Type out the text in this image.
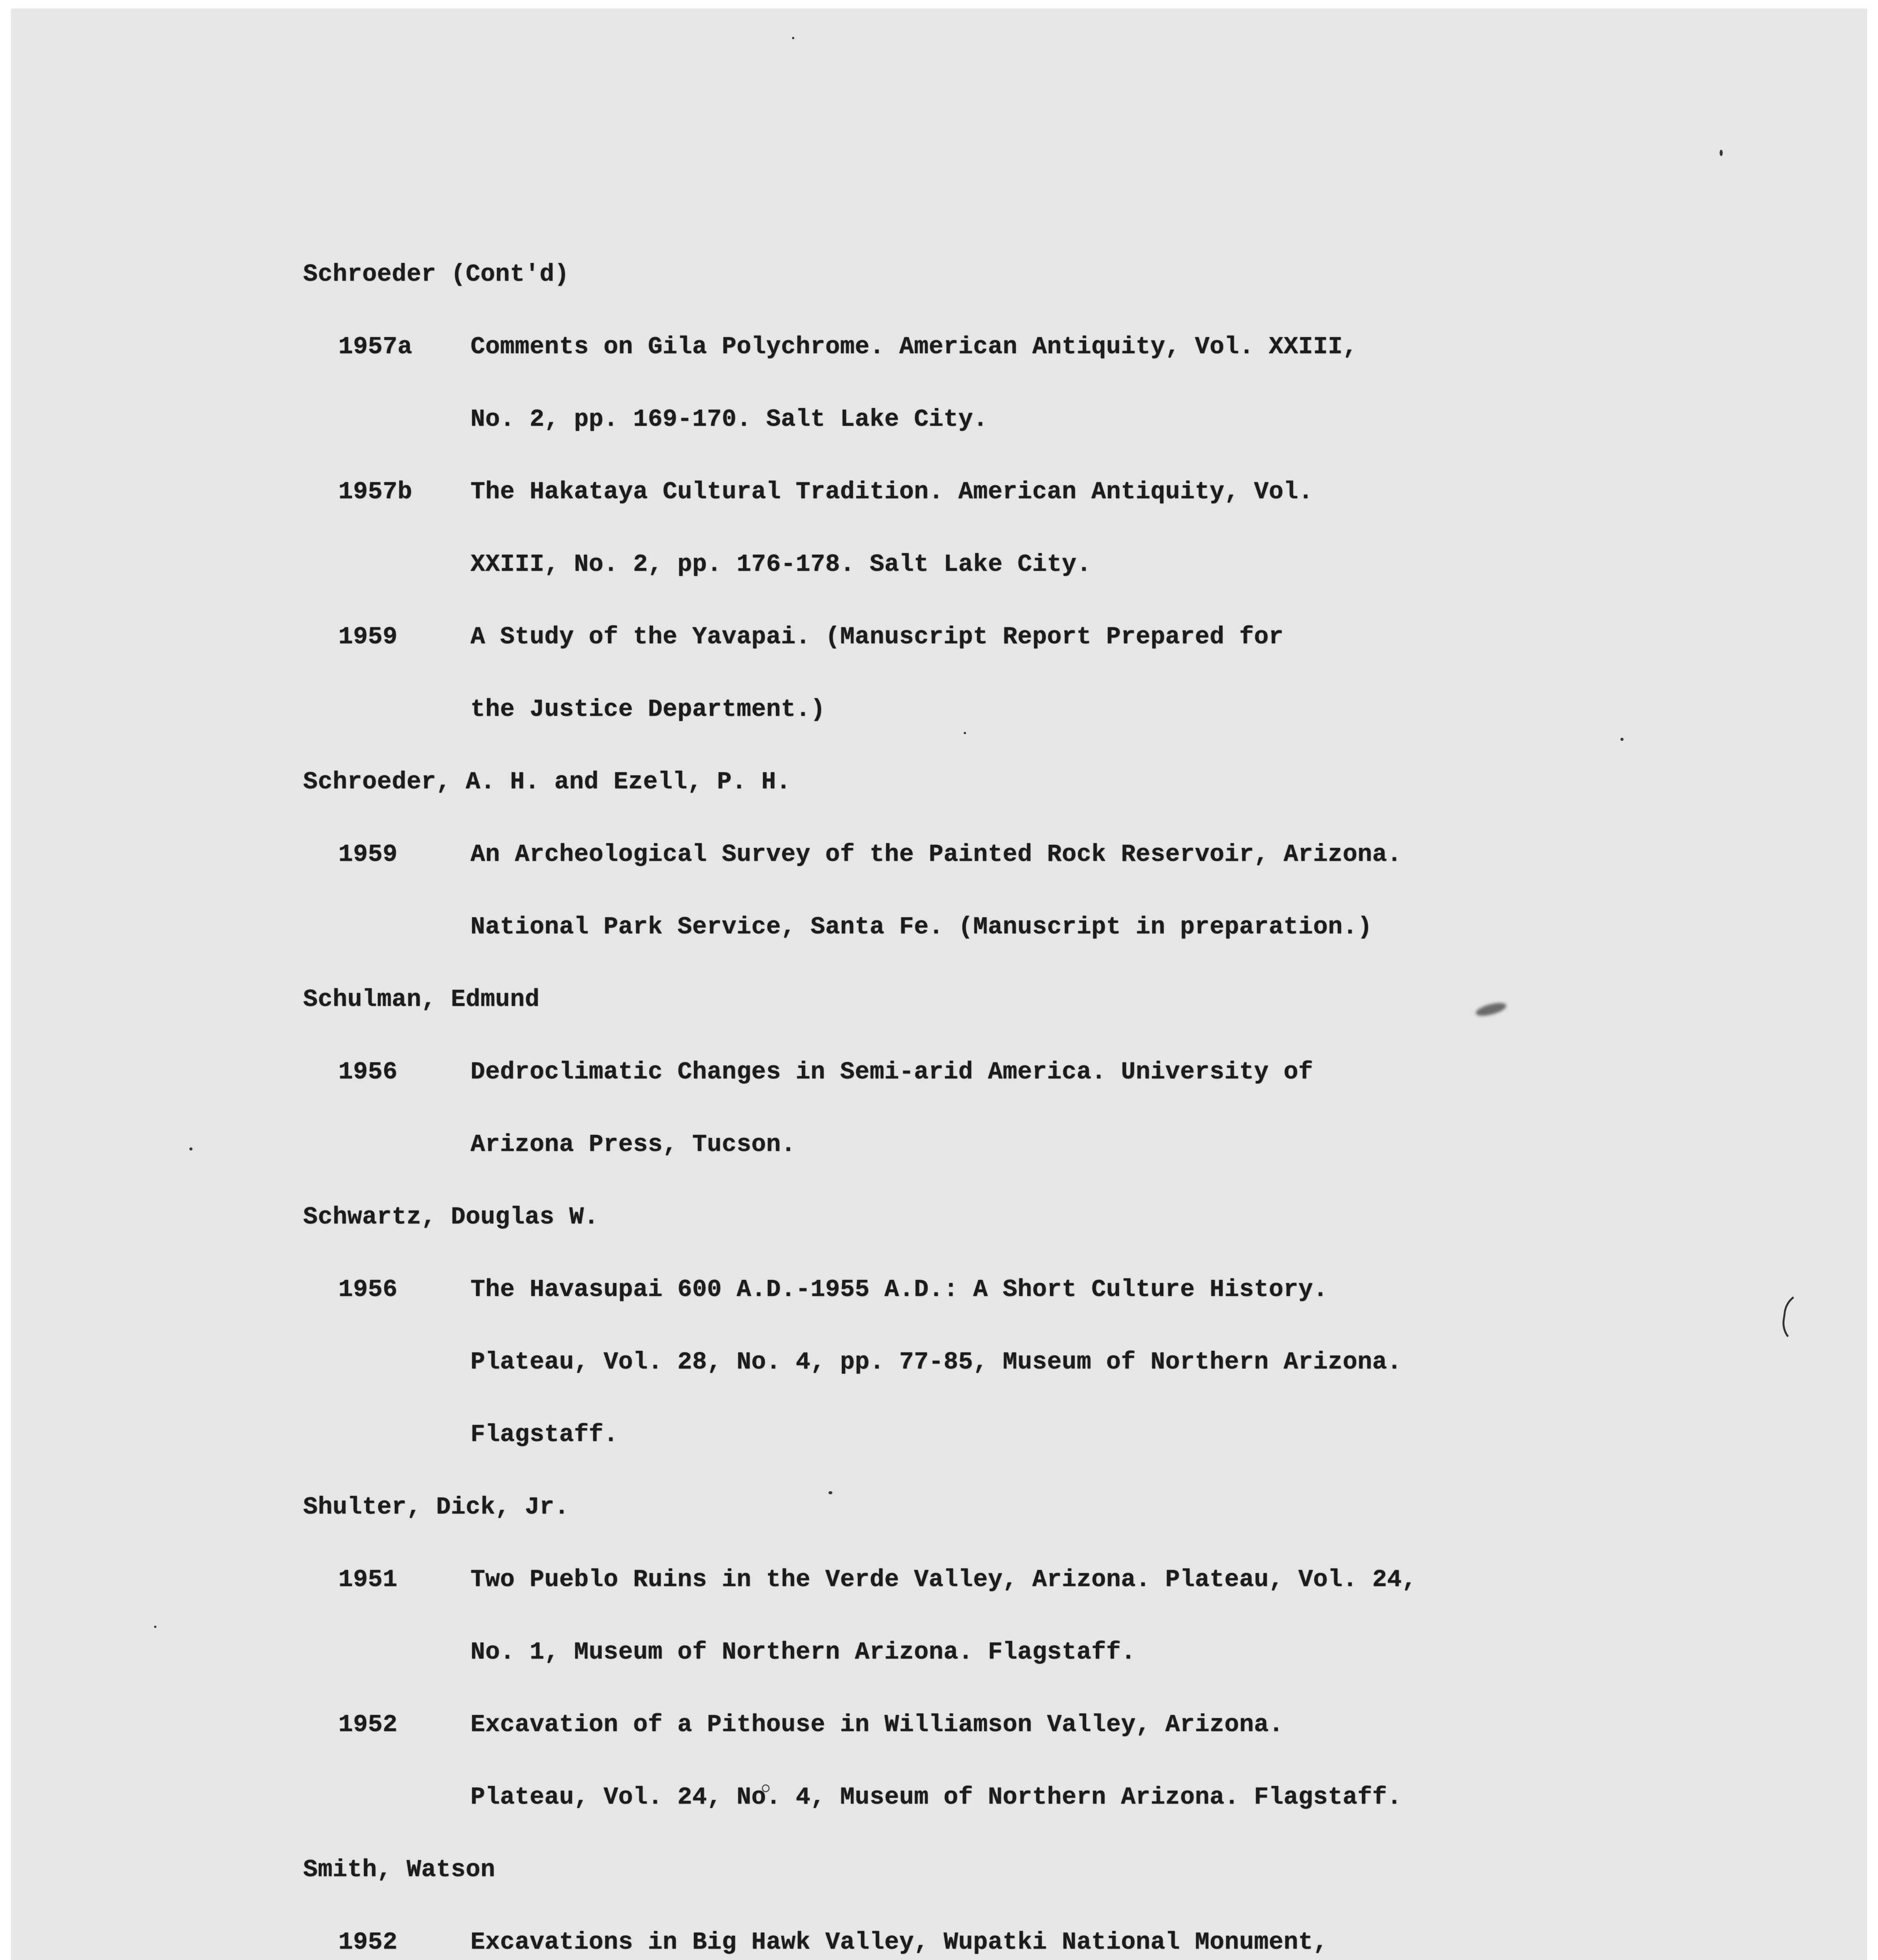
Schroeder (Cont'd)
1957a Comments on Gila Polychrome. American Antiquity, Vol. XXIII,
No. 2, pp. 169-170. Salt Lake City.
1957b The Hakataya Cultural Tradition. American Antiquity, Vol.
XXIII, No. 2, pp. 176-178. Salt Lake City.
1959	A Study of the Yavapai. (Manuscript Report Prepared for
the Justice Department.)
Schroeder, A. H. and Ezell, P. H.
1959	An Archeological Survey of the Painted Rock Reservoir, Arizona.
National Park Service, Santa Fe. (Manuscript in preparation.)
Schulman, Edmund
1956	Dedroclimatic Changes in Semi-arid America. University of
Arizona Press, Tucson.
Schwartz, Douglas W.
1956	The Havasupai 600 A.D.-1955 A.D.: A Short Culture History.
Plateau, Vol. 28, No. 4, pp. 77-85, Museum of Northern Arizona.
Flagstaff.
Shulter, Dick, Jr.
1951	Two Pueblo Ruins in the Verde Valley, Arizona. Plateau, Vol. 24,
No. 1, Museum of Northern Arizona. Flagstaff.
1952	Excavation of a Pithouse in Williamson Valley, Arizona.
Plateau, Vol. 24, No. 4, Museum of Northern Arizona. Flagstaff.
Smith, Watson
1952	Excavations in Big Hawk Valley, Wupatki National Monument,
